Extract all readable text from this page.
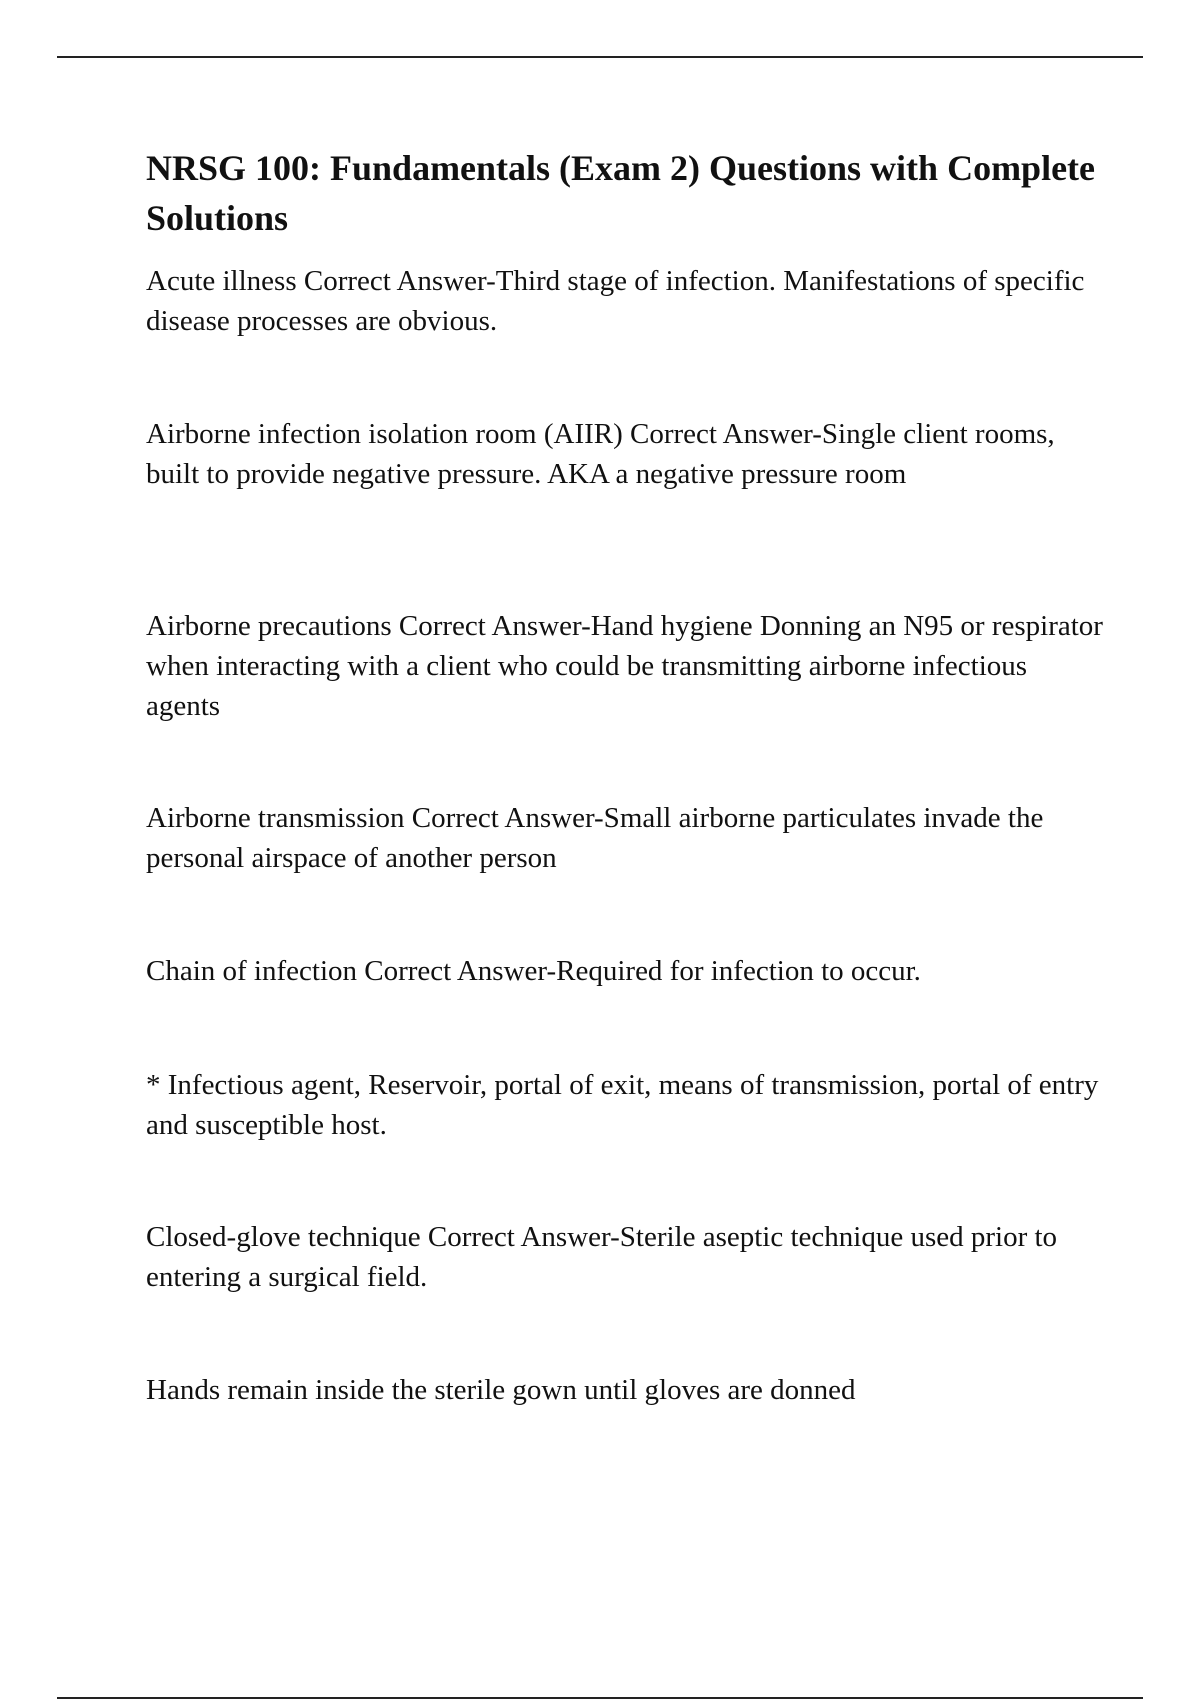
NRSG 100: Fundamentals (Exam 2) Questions with Complete Solutions

Acute illness Correct Answer-Third stage of infection. Manifestations of specific disease processes are obvious.

Airborne infection isolation room (AIIR) Correct Answer-Single client rooms, built to provide negative pressure. AKA a negative pressure room

Airborne precautions Correct Answer-Hand hygiene Donning an N95 or respirator when interacting with a client who could be transmitting airborne infectious agents

Airborne transmission Correct Answer-Small airborne particulates invade the personal airspace of another person

Chain of infection Correct Answer-Required for infection to occur.

* Infectious agent, Reservoir, portal of exit, means of transmission, portal of entry and susceptible host.

Closed-glove technique Correct Answer-Sterile aseptic technique used prior to entering a surgical field.

Hands remain inside the sterile gown until gloves are donned
